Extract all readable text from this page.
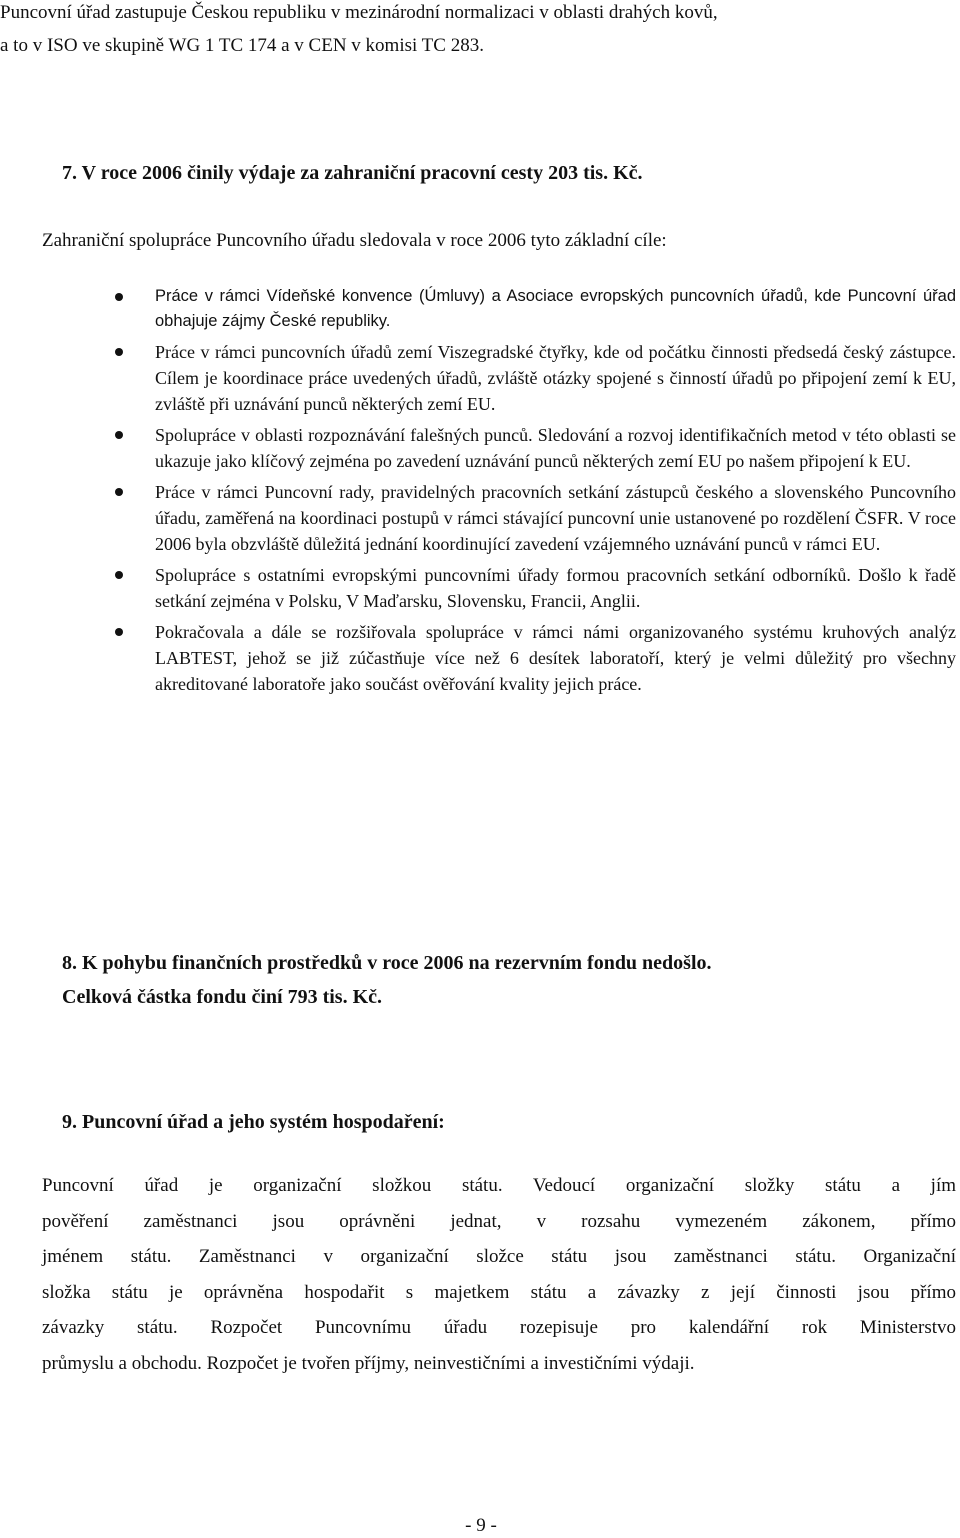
Puncovní úřad zastupuje Českou republiku v mezinárodní normalizaci v oblasti drahých kovů,
a to v ISO ve skupině WG 1 TC 174 a v CEN v komisi TC 283.
7. V roce 2006 činily výdaje za zahraniční pracovní cesty 203 tis. Kč.
Zahraniční spolupráce Puncovního úřadu sledovala v roce 2006 tyto základní cíle:
Práce v rámci Vídeňské konvence (Úmluvy) a Asociace evropských puncovních úřadů, kde Puncovní úřad obhajuje zájmy České republiky.
Práce v rámci puncovních úřadů zemí Viszegradské čtyřky, kde od počátku činnosti předsedá český zástupce. Cílem je koordinace práce uvedených úřadů, zvláště otázky spojené s činností úřadů po připojení zemí k EU, zvláště při uznávání punců některých zemí EU.
Spolupráce v oblasti rozpoznávání falešných punců. Sledování a rozvoj identifikačních metod v této oblasti se ukazuje jako klíčový zejména po zavedení uznávání punců některých zemí EU po našem připojení k EU.
Práce v rámci Puncovní rady, pravidelných pracovních setkání zástupců českého a slovenského Puncovního úřadu, zaměřená na koordinaci postupů v rámci stávající puncovní unie ustanovené po rozdělení ČSFR. V roce 2006 byla obzvláště důležitá jednání koordinující zavedení vzájemného uznávání punců v rámci EU.
Spolupráce s ostatními evropskými puncovními úřady formou pracovních setkání odborníků. Došlo k řadě setkání zejména v Polsku, V Maďarsku, Slovensku, Francii, Anglii.
Pokračovala a dále se rozšiřovala spolupráce v rámci námi organizovaného systému kruhových analýz LABTEST, jehož se již zúčastňuje více než 6 desítek laboratoří, který je velmi důležitý pro všechny akreditované laboratoře jako součást ověřování kvality jejich práce.
8. K pohybu finančních prostředků v roce 2006 na rezervním fondu nedošlo.
Celková částka fondu činí 793 tis. Kč.
9. Puncovní úřad a jeho systém hospodaření:
Puncovní úřad je organizační složkou státu. Vedoucí organizační složky státu a jím
pověření zaměstnanci jsou oprávněni jednat, v rozsahu vymezeném zákonem, přímo
jménem státu. Zaměstnanci v organizační složce státu jsou zaměstnanci státu. Organizační
složka státu je oprávněna hospodařit s majetkem státu a závazky z její činnosti jsou přímo
závazky státu. Rozpočet Puncovnímu úřadu rozepisuje pro kalendářní rok Ministerstvo
průmyslu a obchodu. Rozpočet je tvořen příjmy, neinvestičními a investičními výdaji.
- 9 -
